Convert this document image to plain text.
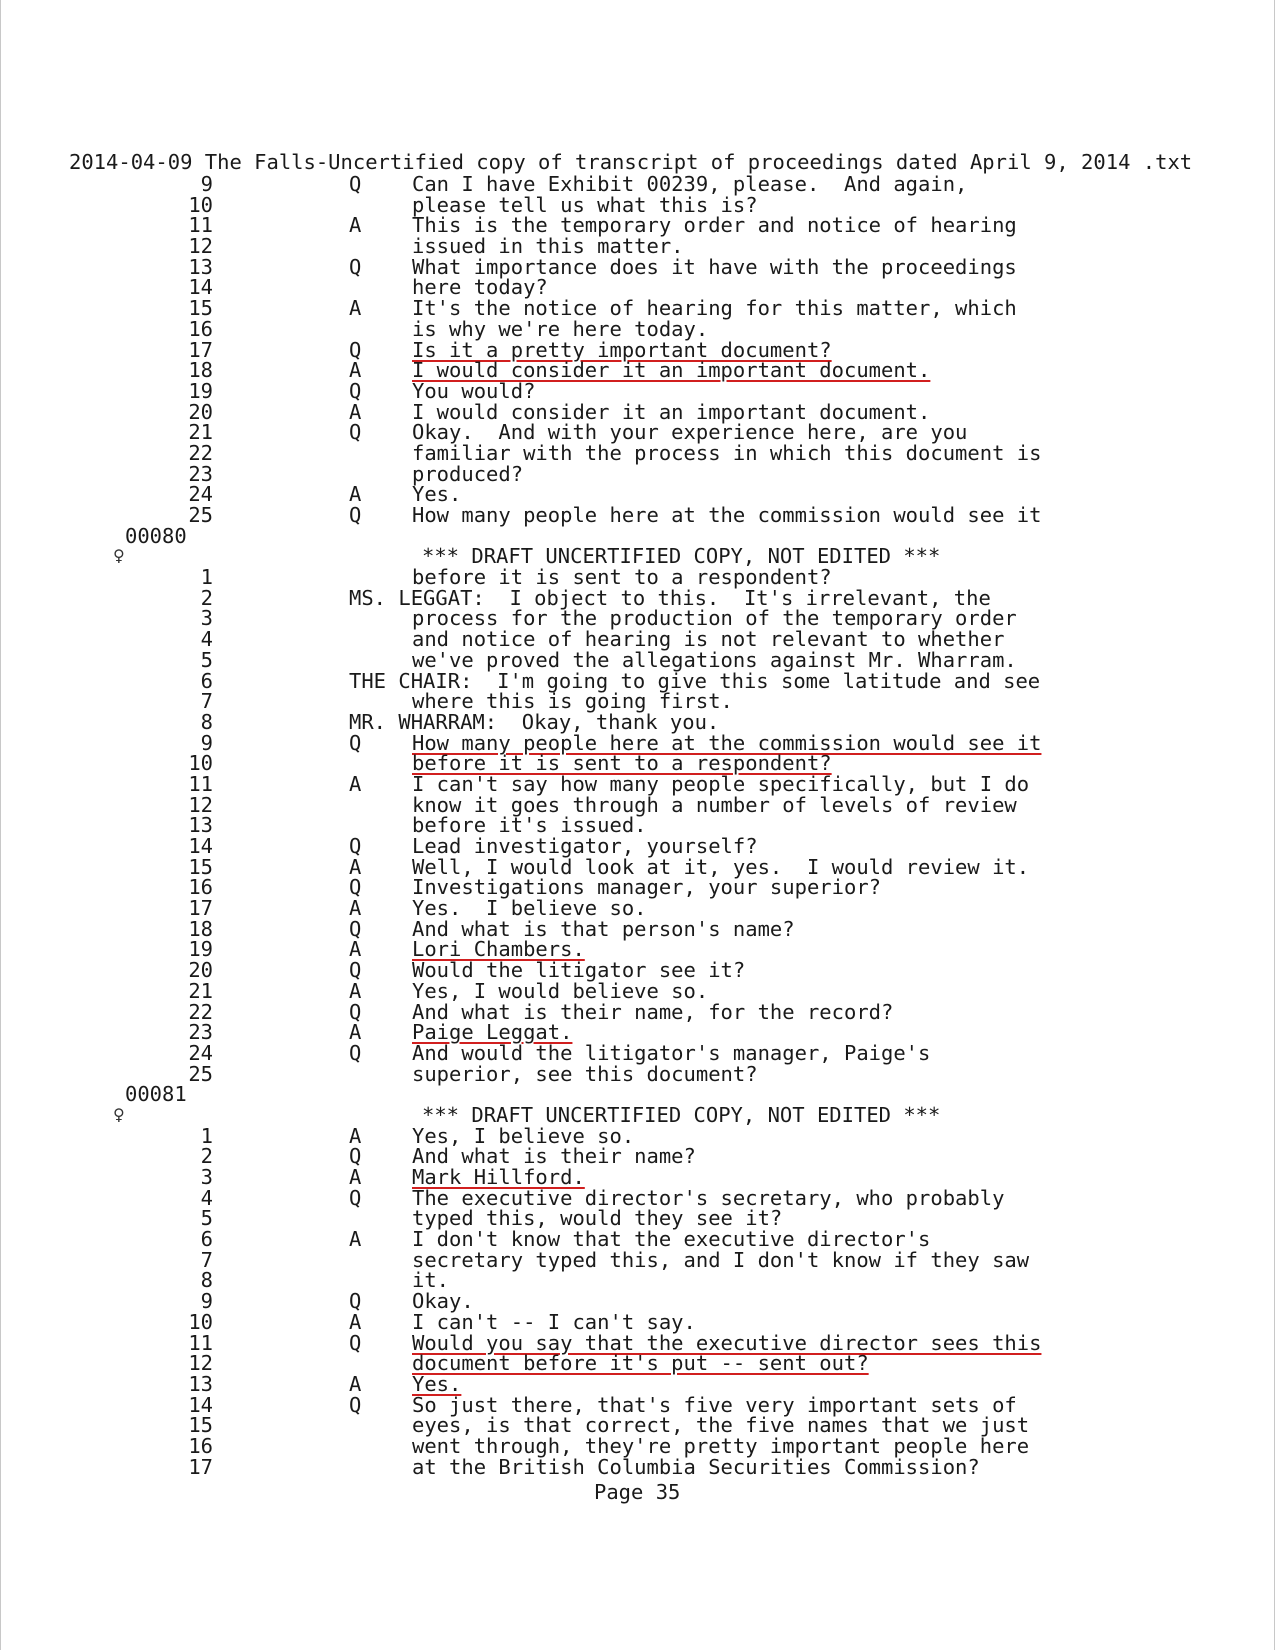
2014-04-09 The Falls-Uncertified copy of transcript of proceedings dated April 9, 2014 .txt
9	Q Can I have Exhibit 00239, please.  And again,
10	please tell us what this is?
11	A This is the temporary order and notice of hearing
12	issued in this matter.
13	Q What importance does it have with the proceedings
14	here today?
15	A It's the notice of hearing for this matter, which
16	is why we're here today.
17	Q Is it a pretty important document?
18	A I would consider it an important document.
19	Q You would?
20	A I would consider it an important document.
21	Q Okay.  And with your experience here, are you
22	familiar with the process in which this document is
23	produced?
24	A Yes.
25	Q How many people here at the commission would see it
00080
♀	*** DRAFT UNCERTIFIED COPY, NOT EDITED ***
1	before it is sent to a respondent?
2	MS. LEGGAT:  I object to this.  It's irrelevant, the
3	process for the production of the temporary order
4	and notice of hearing is not relevant to whether
5	we've proved the allegations against Mr. Wharram.
6	THE CHAIR:  I'm going to give this some latitude and see
7	where this is going first.
8	MR. WHARRAM:  Okay, thank you.
9	Q How many people here at the commission would see it
10	before it is sent to a respondent?
11	A I can't say how many people specifically, but I do
12	know it goes through a number of levels of review
13	before it's issued.
14	Q Lead investigator, yourself?
15	A Well, I would look at it, yes.  I would review it.
16	Q Investigations manager, your superior?
17	A Yes.  I believe so.
18	Q And what is that person's name?
19	A Lori Chambers.
20	Q Would the litigator see it?
21	A Yes, I would believe so.
22	Q And what is their name, for the record?
23	A Paige Leggat.
24	Q And would the litigator's manager, Paige's
25	superior, see this document?
00081
♀	*** DRAFT UNCERTIFIED COPY, NOT EDITED ***
1	A Yes, I believe so.
2	Q And what is their name?
3	A Mark Hillford.
4	Q The executive director's secretary, who probably
5	typed this, would they see it?
6	A I don't know that the executive director's
7	secretary typed this, and I don't know if they saw
8	it.
9	Q Okay.
10	A I can't -- I can't say.
11	Q Would you say that the executive director sees this
12	document before it's put -- sent out?
13	A Yes.
14	Q So just there, that's five very important sets of
15	eyes, is that correct, the five names that we just
16	went through, they're pretty important people here
17	at the British Columbia Securities Commission?
Page 35
